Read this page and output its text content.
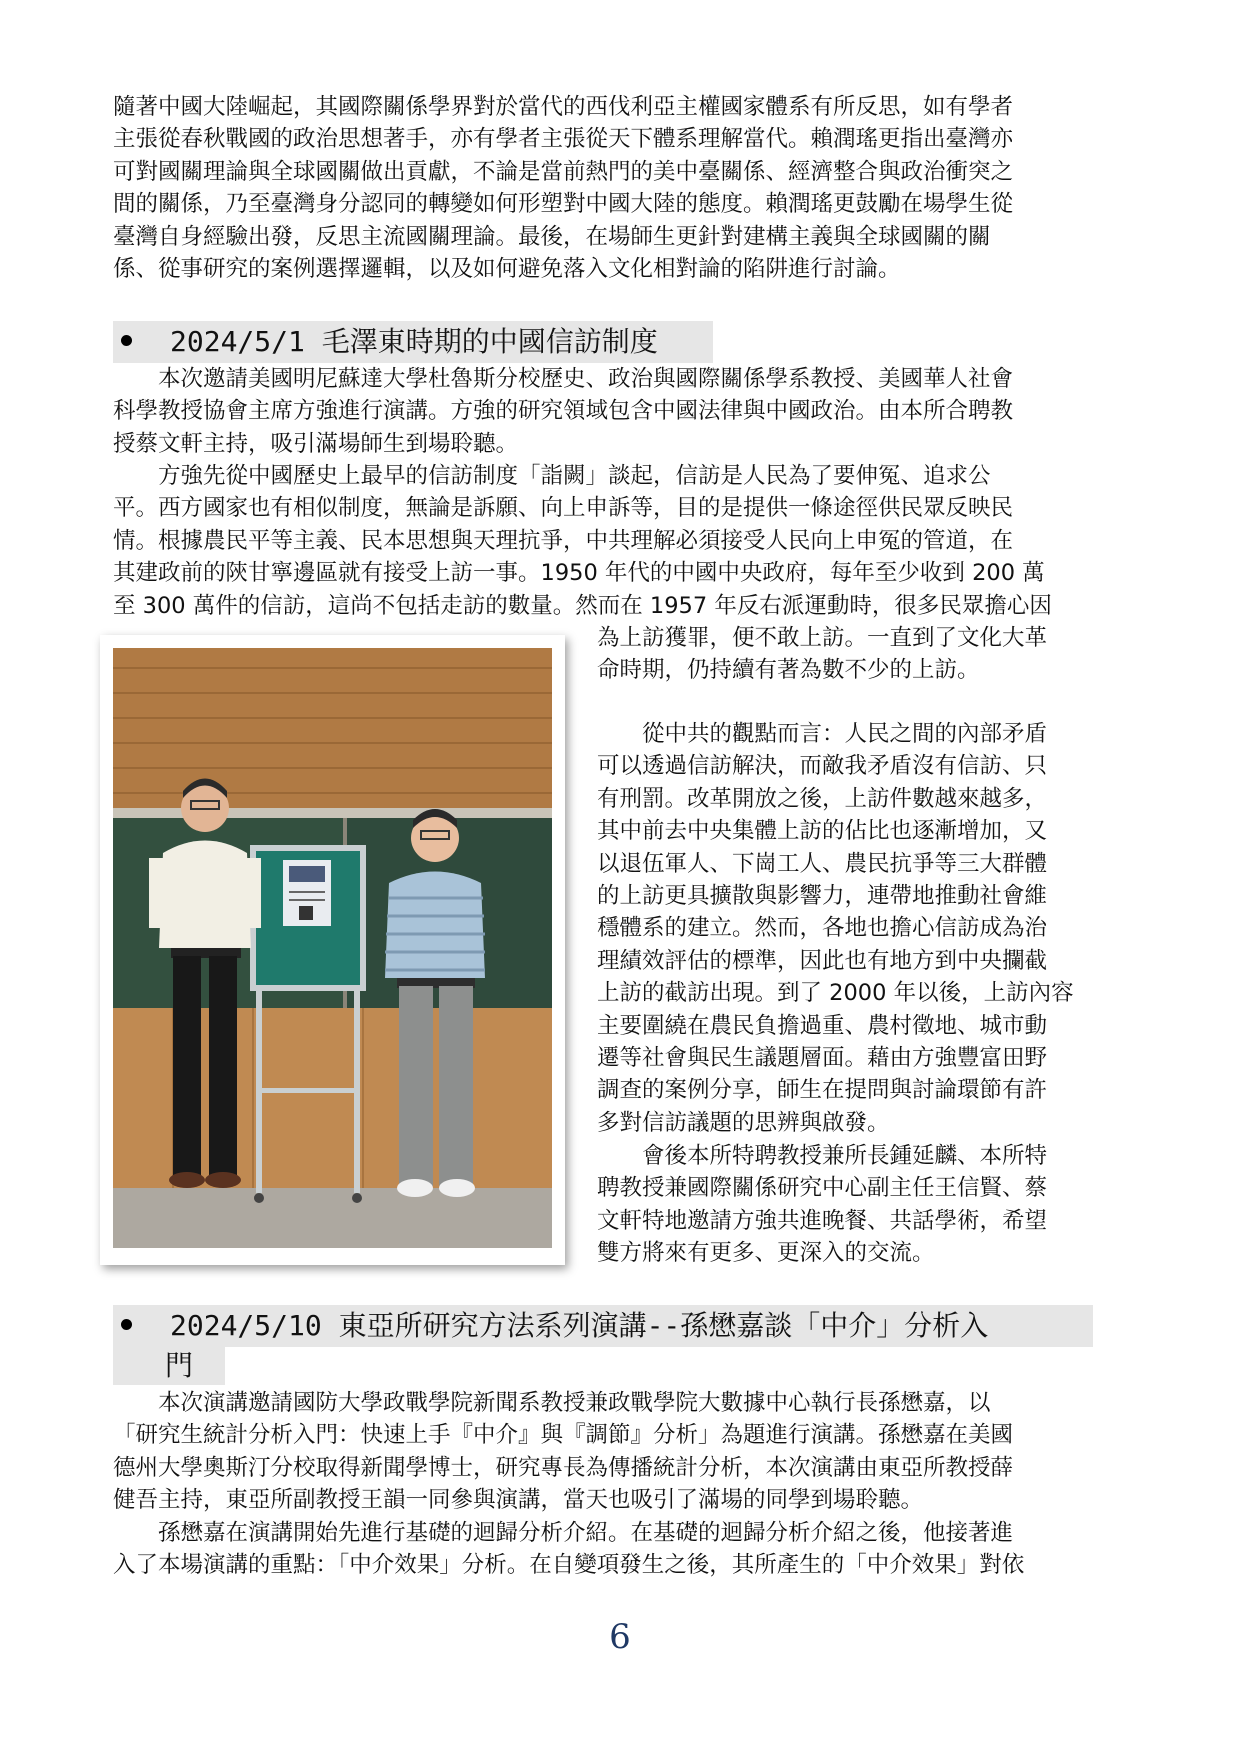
隨著中國大陸崛起，其國際關係學界對於當代的西伐利亞主權國家體系有所反思，如有學者
主張從春秋戰國的政治思想著手，亦有學者主張從天下體系理解當代。賴潤瑤更指出臺灣亦
可對國關理論與全球國關做出貢獻，不論是當前熱門的美中臺關係、經濟整合與政治衝突之
間的關係，乃至臺灣身分認同的轉變如何形塑對中國大陸的態度。賴潤瑤更鼓勵在場學生從
臺灣自身經驗出發，反思主流國關理論。最後，在場師生更針對建構主義與全球國關的關
係、從事研究的案例選擇邏輯，以及如何避免落入文化相對論的陷阱進行討論。
2024/5/1 毛澤東時期的中國信訪制度
本次邀請美國明尼蘇達大學杜魯斯分校歷史、政治與國際關係學系教授、美國華人社會
科學教授協會主席方強進行演講。方強的研究領域包含中國法律與中國政治。由本所合聘教
授蔡文軒主持，吸引滿場師生到場聆聽。
方強先從中國歷史上最早的信訪制度「詣闕」談起，信訪是人民為了要伸冤、追求公
平。西方國家也有相似制度，無論是訴願、向上申訴等，目的是提供一條途徑供民眾反映民
情。根據農民平等主義、民本思想與天理抗爭，中共理解必須接受人民向上申冤的管道，在
其建政前的陝甘寧邊區就有接受上訪一事。1950 年代的中國中央政府，每年至少收到 200 萬
至 300 萬件的信訪，這尚不包括走訪的數量。然而在 1957 年反右派運動時，很多民眾擔心因
為上訪獲罪，便不敢上訪。一直到了文化大革
命時期，仍持續有著為數不少的上訪。
從中共的觀點而言：人民之間的內部矛盾
可以透過信訪解決，而敵我矛盾沒有信訪、只
有刑罰。改革開放之後，上訪件數越來越多，
其中前去中央集體上訪的佔比也逐漸增加，又
以退伍軍人、下崗工人、農民抗爭等三大群體
的上訪更具擴散與影響力，連帶地推動社會維
穩體系的建立。然而，各地也擔心信訪成為治
理績效評估的標準，因此也有地方到中央攔截
上訪的截訪出現。到了 2000 年以後，上訪內容
主要圍繞在農民負擔過重、農村徵地、城市動
遷等社會與民生議題層面。藉由方強豐富田野
調查的案例分享，師生在提問與討論環節有許
多對信訪議題的思辨與啟發。
會後本所特聘教授兼所長鍾延麟、本所特
聘教授兼國際關係研究中心副主任王信賢、蔡
文軒特地邀請方強共進晚餐、共話學術，希望
雙方將來有更多、更深入的交流。
2024/5/10 東亞所研究方法系列演講--孫懋嘉談「中介」分析入
門
本次演講邀請國防大學政戰學院新聞系教授兼政戰學院大數據中心執行長孫懋嘉，以
「研究生統計分析入門：快速上手『中介』與『調節』分析」為題進行演講。孫懋嘉在美國
德州大學奧斯汀分校取得新聞學博士，研究專長為傳播統計分析，本次演講由東亞所教授薛
健吾主持，東亞所副教授王韻一同參與演講，當天也吸引了滿場的同學到場聆聽。
孫懋嘉在演講開始先進行基礎的迴歸分析介紹。在基礎的迴歸分析介紹之後，他接著進
入了本場演講的重點：「中介效果」分析。在自變項發生之後，其所產生的「中介效果」對依
6
